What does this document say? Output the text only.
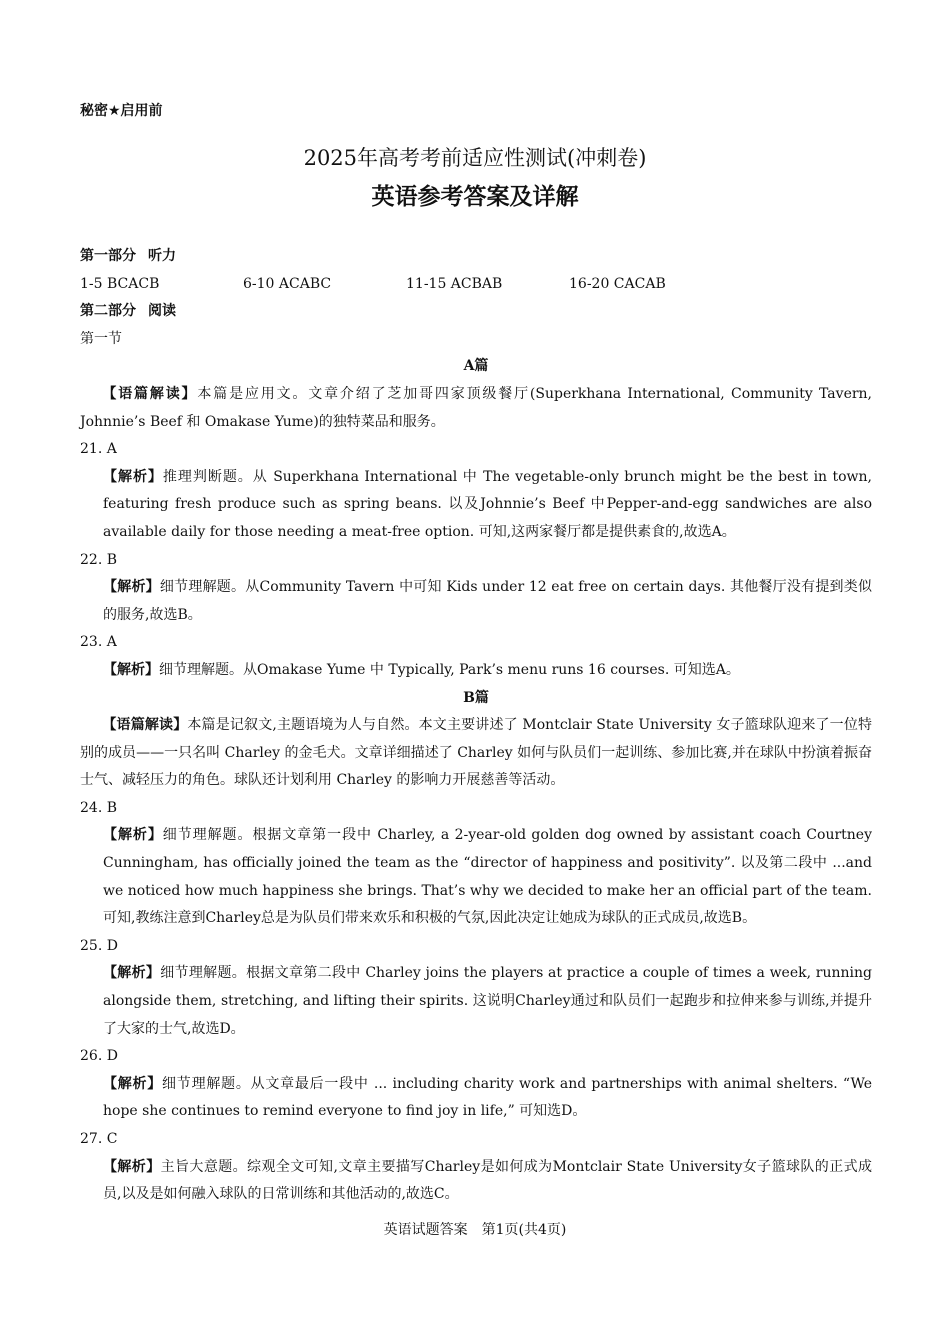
秘密★启用前
2025年高考考前适应性测试(冲刺卷)
英语参考答案及详解
第一部分 听力
1-5 BCACB	6-10 ACABC	11-15 ACBAB	16-20 CACAB
第二部分 阅读
第一节
A篇
【语篇解读】本篇是应用文。文章介绍了芝加哥四家顶级餐厅(Superkhana International, Community Tavern, Johnnie’s Beef 和 Omakase Yume)的独特菜品和服务。
21. A
【解析】推理判断题。从 Superkhana International 中 The vegetable-only brunch might be the best in town, featuring fresh produce such as spring beans. 以及Johnnie’s Beef 中Pepper-and-egg sandwiches are also available daily for those needing a meat-free option. 可知,这两家餐厅都是提供素食的,故选A。
22. B
【解析】细节理解题。从Community Tavern 中可知 Kids under 12 eat free on certain days. 其他餐厅没有提到类似的服务,故选B。
23. A
【解析】细节理解题。从Omakase Yume 中 Typically, Park’s menu runs 16 courses. 可知选A。
B篇
【语篇解读】本篇是记叙文,主题语境为人与自然。本文主要讲述了 Montclair State University 女子篮球队迎来了一位特别的成员——一只名叫 Charley 的金毛犬。文章详细描述了 Charley 如何与队员们一起训练、参加比赛,并在球队中扮演着振奋士气、减轻压力的角色。球队还计划利用 Charley 的影响力开展慈善等活动。
24. B
【解析】细节理解题。根据文章第一段中 Charley, a 2-year-old golden dog owned by assistant coach Courtney Cunningham, has officially joined the team as the “director of happiness and positivity”. 以及第二段中 ...and we noticed how much happiness she brings. That’s why we decided to make her an official part of the team. 可知,教练注意到Charley总是为队员们带来欢乐和积极的气氛,因此决定让她成为球队的正式成员,故选B。
25. D
【解析】细节理解题。根据文章第二段中 Charley joins the players at practice a couple of times a week, running alongside them, stretching, and lifting their spirits. 这说明Charley通过和队员们一起跑步和拉伸来参与训练,并提升了大家的士气,故选D。
26. D
【解析】细节理解题。从文章最后一段中 ... including charity work and partnerships with animal shelters. “We hope she continues to remind everyone to find joy in life,” 可知选D。
27. C
【解析】主旨大意题。综观全文可知,文章主要描写Charley是如何成为Montclair State University女子篮球队的正式成员,以及是如何融入球队的日常训练和其他活动的,故选C。
英语试题答案　第1页(共4页)
